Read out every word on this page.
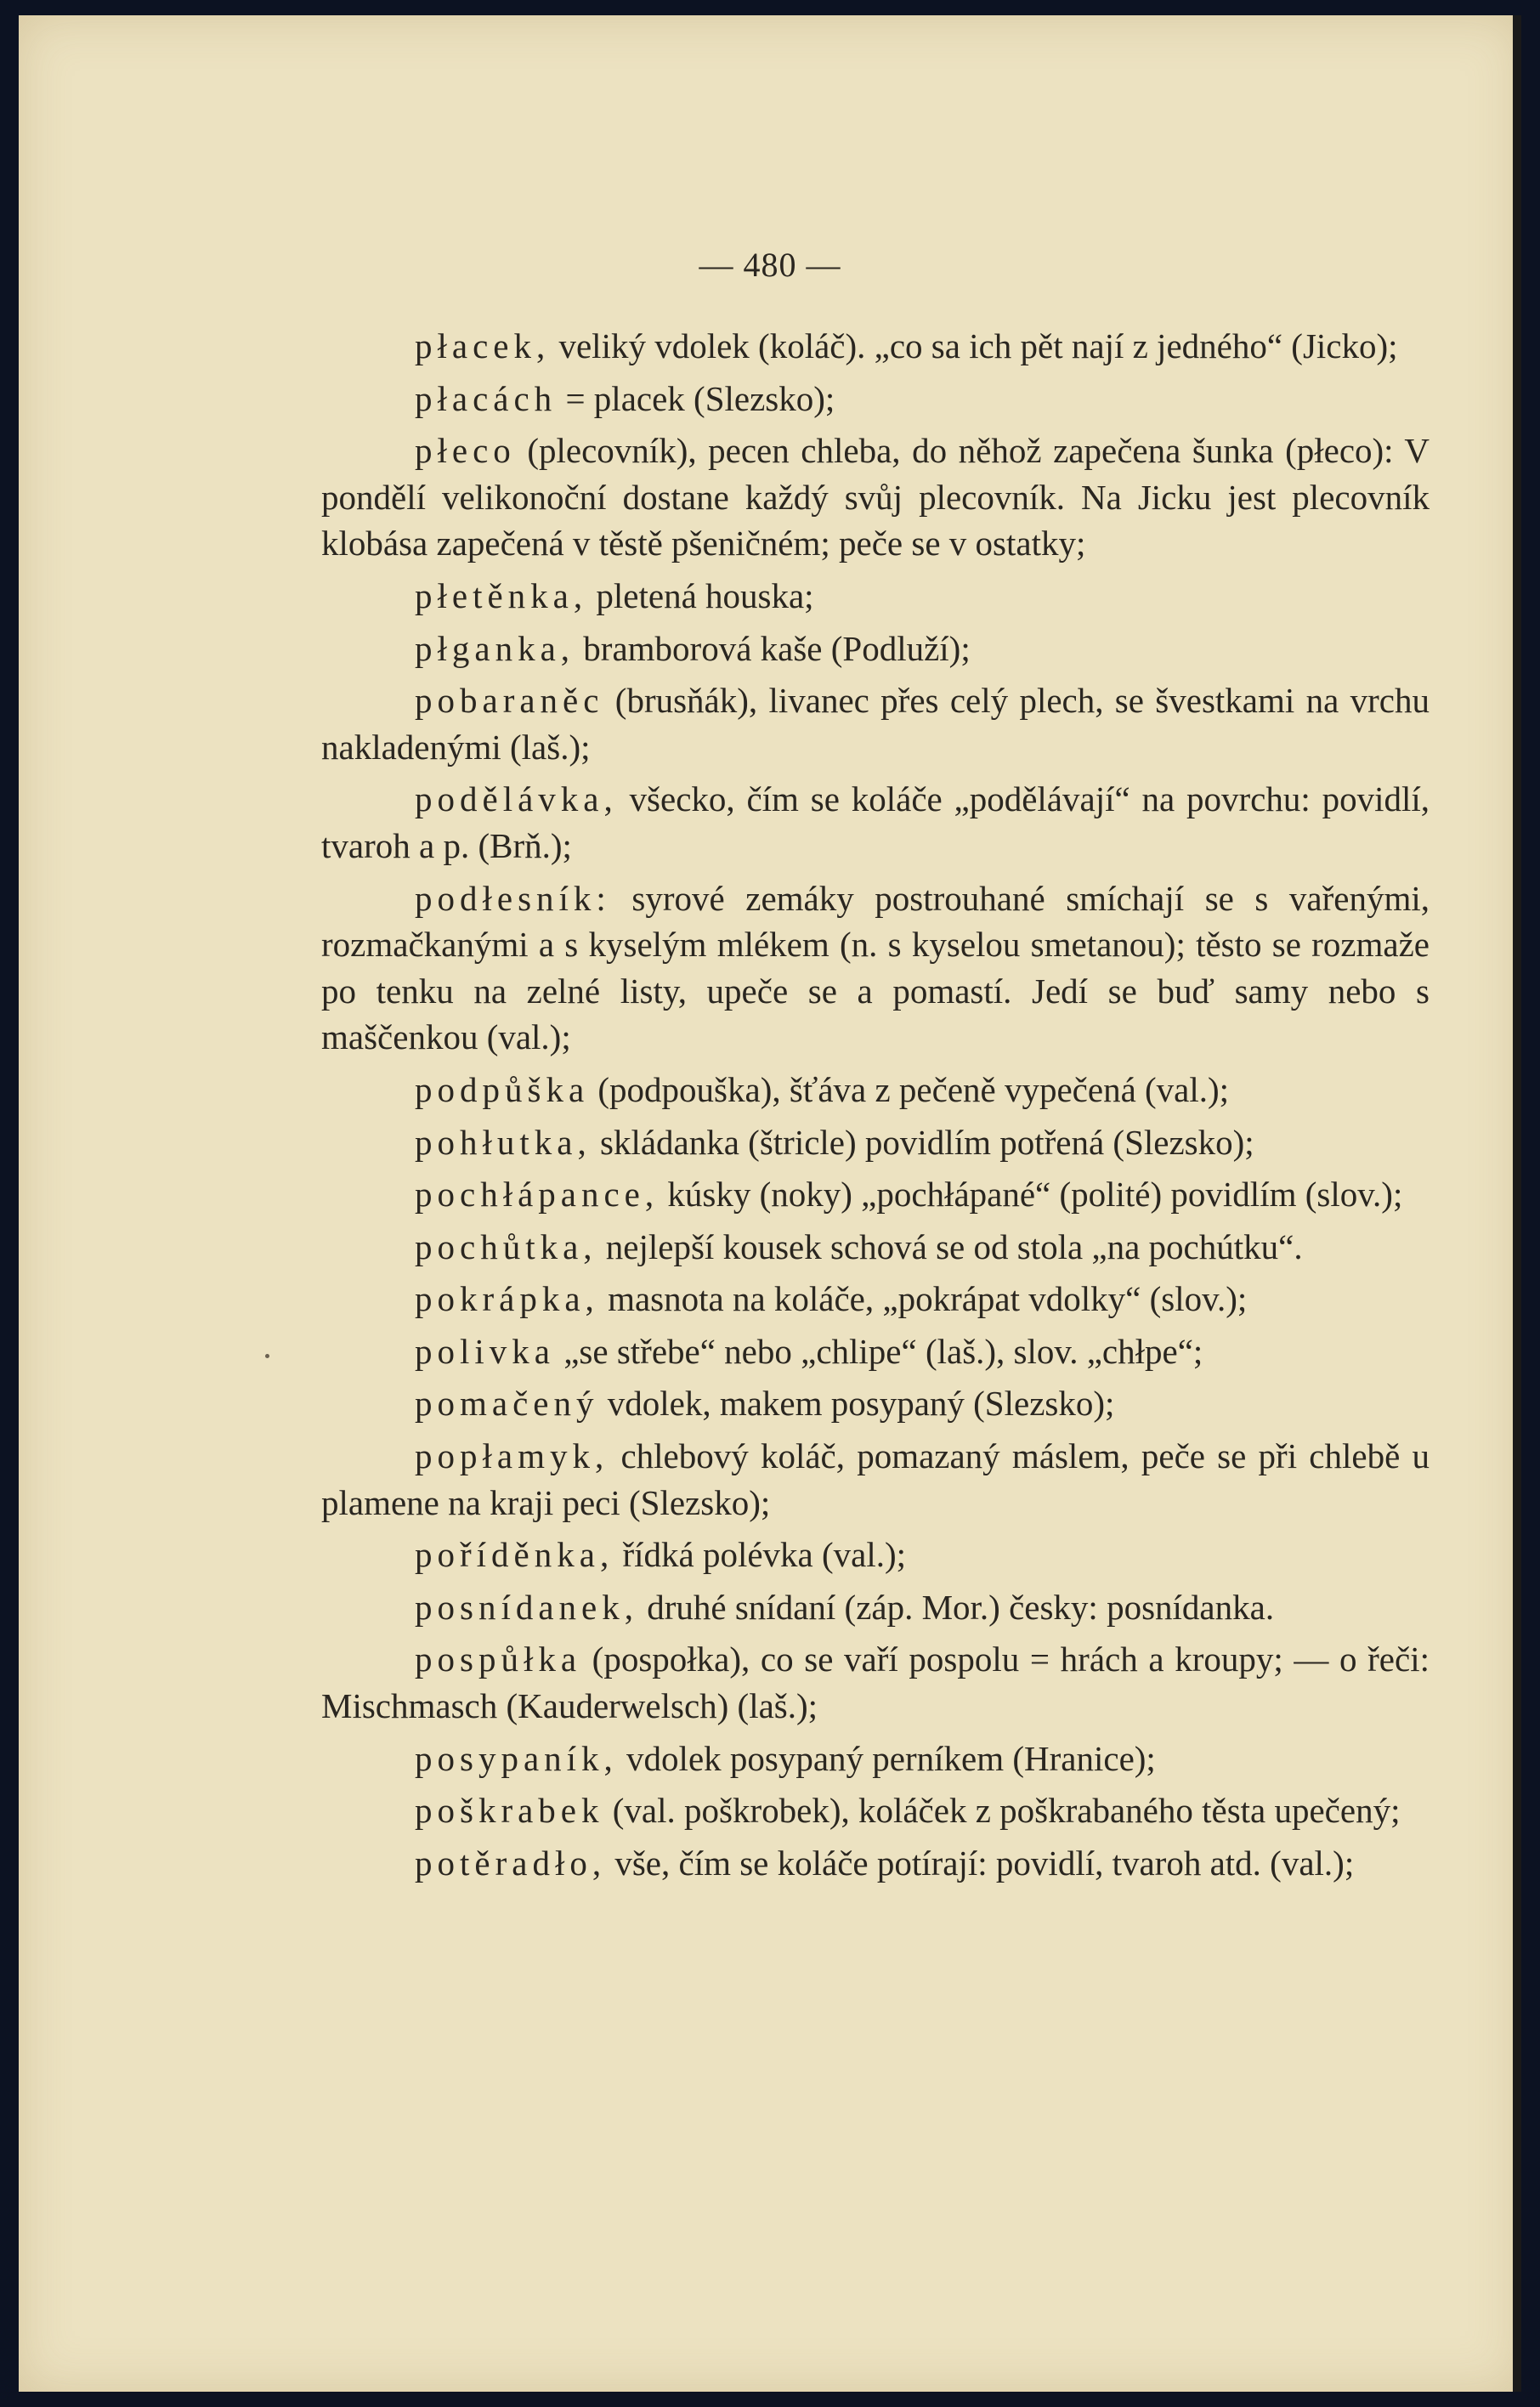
— 480 —

płacek, veliký vdolek (koláč). „co sa ich pět nají z jedného“ (Jicko);

płacách = placek (Slezsko);

płeco (plecovník), pecen chleba, do něhož zapečena šunka (płeco): V pondělí velikonoční dostane každý svůj plecovník. Na Jicku jest plecovník klobása zapečená v těstě pšeničném; peče se v ostatky;

płetěnka, pletená houska;

płganka, bramborová kaše (Podluží);

pobaraněc (brusňák), livanec přes celý plech, se švestkami na vrchu nakladenými (laš.);

podělávka, všecko, čím se koláče „podělávají“ na povrchu: povidlí, tvaroh a p. (Brň.);

podłesník: syrové zemáky postrouhané smíchají se s vařenými, rozmačkanými a s kyselým mlékem (n. s kyselou smetanou); těsto se rozmaže po tenku na zelné listy, upeče se a pomastí. Jedí se buď samy nebo s maščenkou (val.);

podpůška (podpouška), šťáva z pečeně vypečená (val.);

pohłutka, skládanka (štricle) povidlím potřená (Slezsko);

pochłápance, kúsky (noky) „pochłápané“ (polité) povidlím (slov.);

pochůtka, nejlepší kousek schová se od stola „na pochútku“.

pokrápka, masnota na koláče, „pokrápat vdolky“ (slov.);

polivka „se střebe“ nebo „chlipe“ (laš.), slov. „chłpe“;

pomačený vdolek, makem posypaný (Slezsko);

popłamyk, chlebový koláč, pomazaný máslem, peče se při chlebě u plamene na kraji peci (Slezsko);

poříděnka, řídká polévka (val.);

posnídanek, druhé snídaní (záp. Mor.) česky: posnídanka.

pospůłka (pospołka), co se vaří pospolu = hrách a kroupy; — o řeči: Mischmasch (Kauderwelsch) (laš.);

posypaník, vdolek posypaný perníkem (Hranice);

poškrabek (val. poškrobek), koláček z poškrabaného těsta upečený;

potěradło, vše, čím se koláče potírají: povidlí, tvaroh atd. (val.);
